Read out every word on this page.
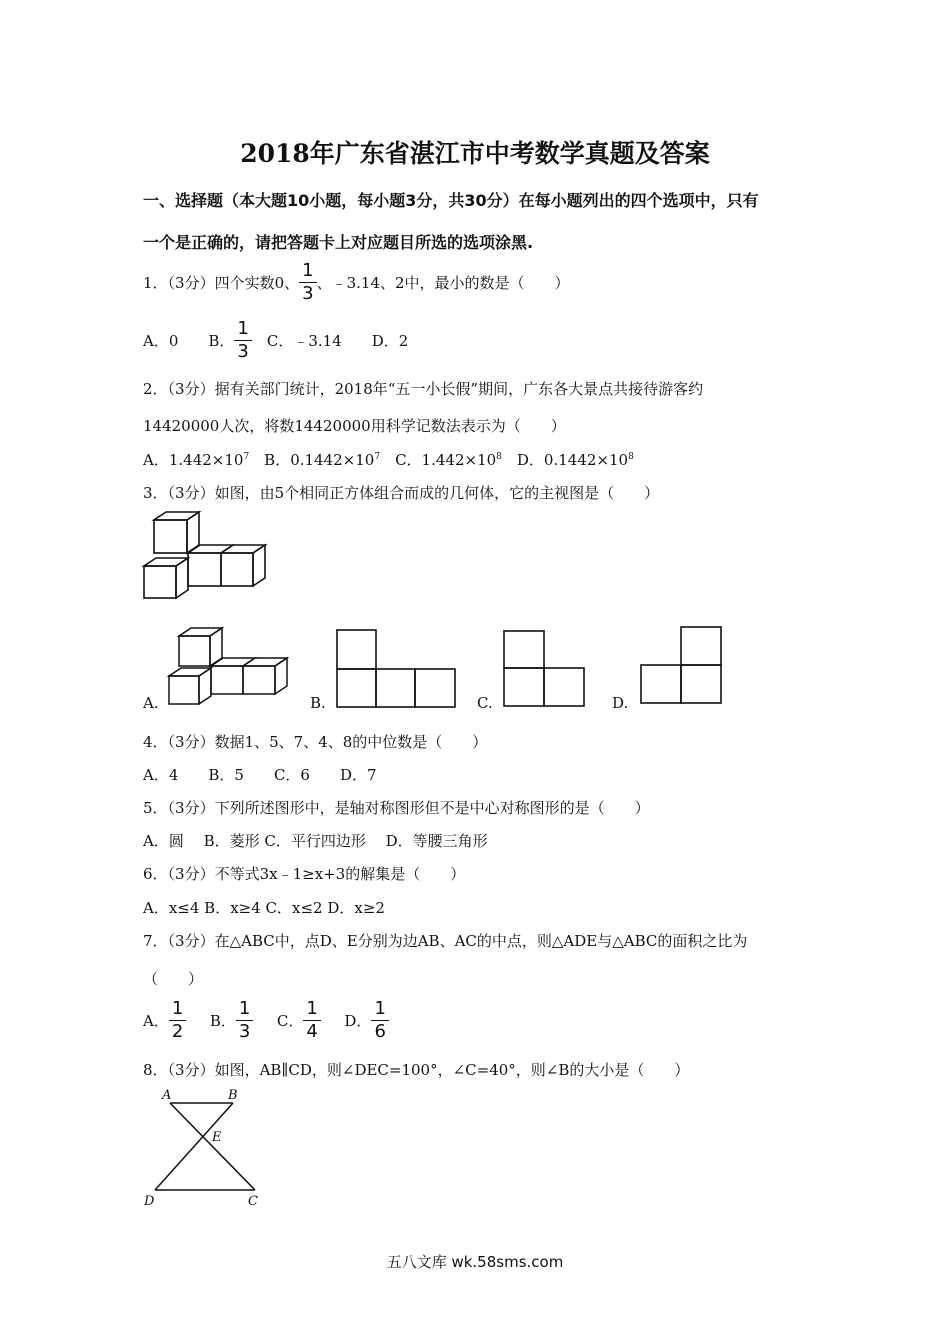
2018年广东省湛江市中考数学真题及答案
一、选择题（本大题10小题，每小题3分，共30分）在每小题列出的四个选项中，只有
一个是正确的，请把答题卡上对应题目所选的选项涂黑.
1．（3分）四个实数0、 $\frac{1}{3}$ 、﹣3.14、2中，最小的数是（　　）
A．0　　B． $\frac{1}{3}$ 　C．﹣3.14　　D．2
2．（3分）据有关部门统计，2018年“五一小长假”期间，广东各大景点共接待游客约
14420000人次，将数14420000用科学记数法表示为（　　）
A．$1.442\times 10^7$　B．$0.1442\times 10^7$　C．$1.442\times 10^8$　D．$0.1442\times 10^8$
3．（3分）如图，由5个相同正方体组合而成的几何体，它的主视图是（　　）
A.	B.	C.	D.
4．（3分）数据1、5、7、4、8的中位数是（　　）
A．4　　B．5　　C．6　　D．7
5．（3分）下列所述图形中，是轴对称图形但不是中心对称图形的是（　　）
A．圆　 B．菱形 C．平行四边形　 D．等腰三角形
6．（3分）不等式3x﹣1≥x+3的解集是（　　）
A．x≤4 B．x≥4 C．x≤2 D．x≥2
7．（3分）在△ABC中，点D、E分别为边AB、AC的中点，则△ADE与△ABC的面积之比为
（　　）
A． $\frac{1}{2}$ B． $\frac{1}{3}$ C． $\frac{1}{4}$ D． $\frac{1}{6}$
8．（3分）如图，AB∥CD，则∠DEC=100°，∠C=40°，则∠B的大小是（　　）
A	B
E
D	C
五八文库 wk.58sms.com
